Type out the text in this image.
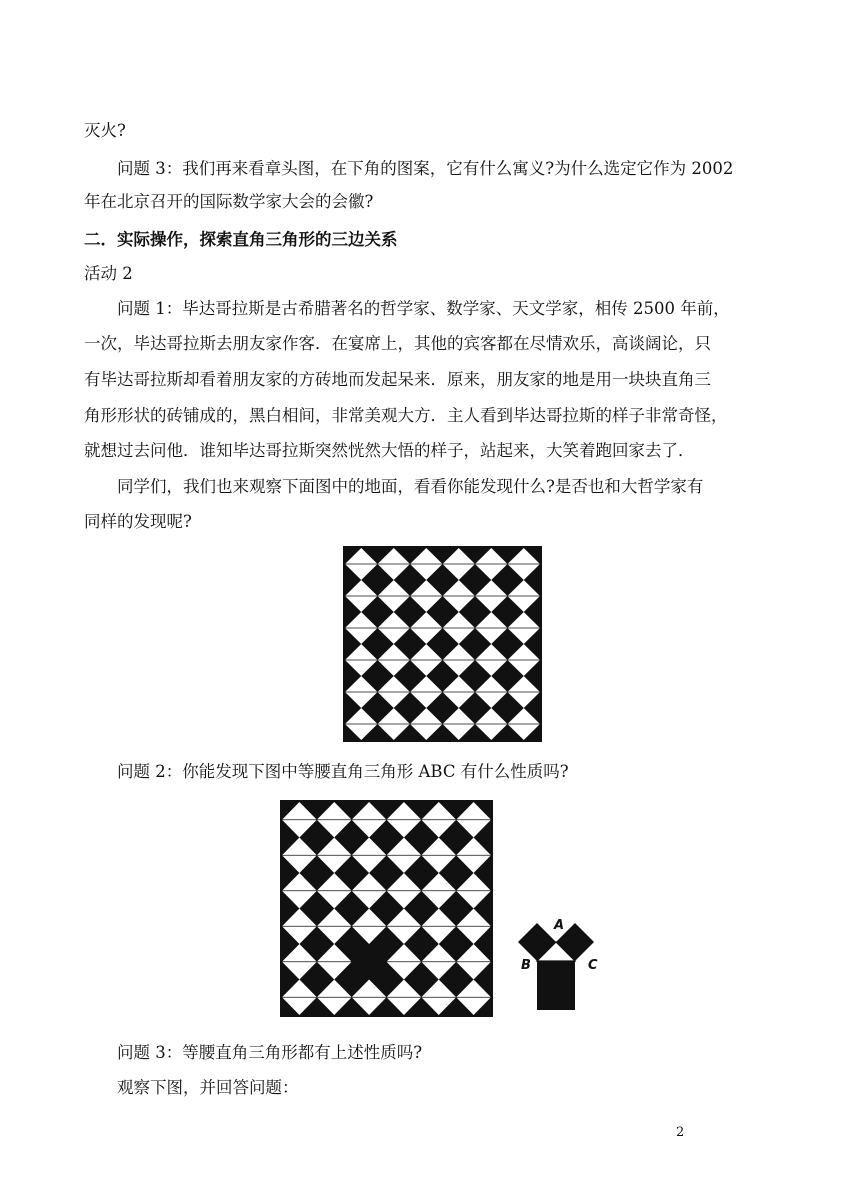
灭火?
问题 3：我们再来看章头图，在下角的图案，它有什么寓义?为什么选定它作为 2002
年在北京召开的国际数学家大会的会徽?
二．实际操作，探索直角三角形的三边关系
活动 2
问题 1：毕达哥拉斯是古希腊著名的哲学家、数学家、天文学家，相传 2500 年前，
一次，毕达哥拉斯去朋友家作客．在宴席上，其他的宾客都在尽情欢乐，高谈阔论，只
有毕达哥拉斯却看着朋友家的方砖地而发起呆来．原来，朋友家的地是用一块块直角三
角形形状的砖铺成的，黑白相间，非常美观大方．主人看到毕达哥拉斯的样子非常奇怪，
就想过去问他．谁知毕达哥拉斯突然恍然大悟的样子，站起来，大笑着跑回家去了．
同学们，我们也来观察下面图中的地面，看看你能发现什么?是否也和大哲学家有
同样的发现呢?
问题 2：你能发现下图中等腰直角三角形 ABC 有什么性质吗?
A
B	C
问题 3：等腰直角三角形都有上述性质吗?
观察下图，并回答问题：
2
